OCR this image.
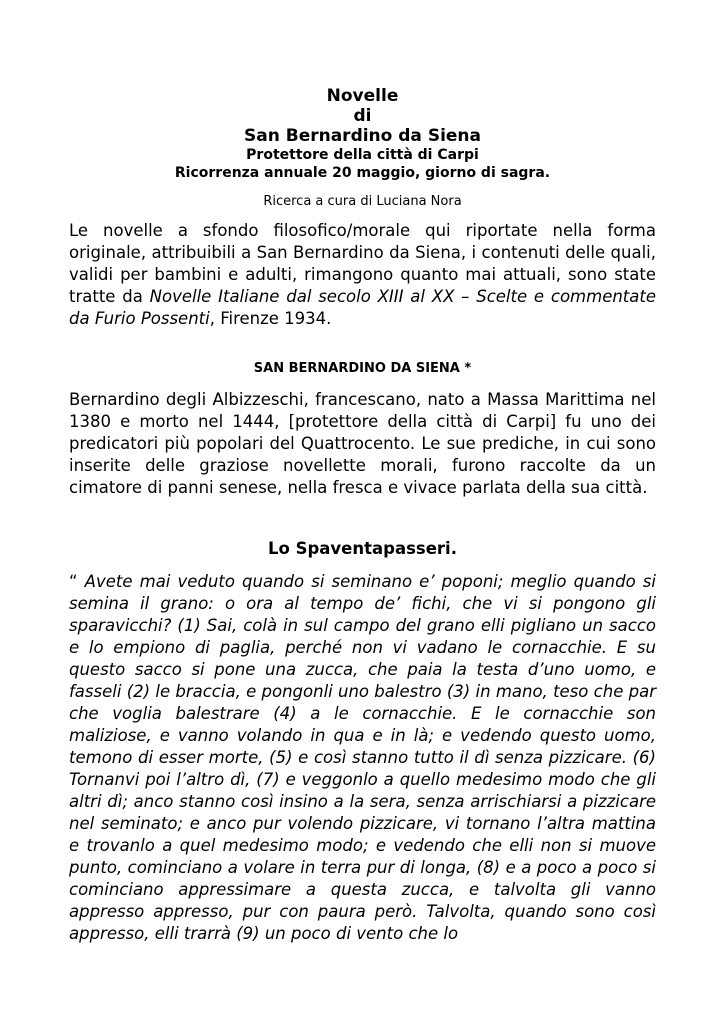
Novelle

di

San Bernardino da Siena

Protettore della città di Carpi

Ricorrenza annuale 20 maggio, giorno di sagra.

Ricerca a cura di Luciana Nora

Le novelle a sfondo filosofico/morale qui riportate nella forma originale, attribuibili a San Bernardino da Siena, i contenuti delle quali, validi per bambini e adulti, rimangono quanto mai attuali, sono state tratte da Novelle Italiane dal secolo XIII al XX – Scelte e commentate da Furio Possenti, Firenze 1934.

SAN BERNARDINO DA SIENA *

Bernardino degli Albizzeschi, francescano, nato a Massa Marittima nel 1380 e morto nel 1444, [protettore della città di Carpi] fu uno dei predicatori più popolari del Quattrocento. Le sue prediche, in cui sono inserite delle graziose novellette morali, furono raccolte da un cimatore di panni senese, nella fresca e vivace parlata della sua città.

Lo Spaventapasseri.

“ Avete mai veduto quando si seminano e’ poponi; meglio quando si semina il grano: o ora al tempo de’ fichi, che vi si pongono gli sparavicchi? (1) Sai, colà in sul campo del grano elli pigliano un sacco e lo empiono di paglia, perché non vi vadano le cornacchie. E su questo sacco si pone una zucca, che paia la testa d’uno uomo, e fasseli (2) le braccia, e pongonli uno balestro (3) in mano, teso che par che voglia balestrare (4) a le cornacchie. E le cornacchie son maliziose, e vanno volando in qua e in là; e vedendo questo uomo, temono di esser morte, (5) e così stanno tutto il dì senza pizzicare. (6) Tornanvi poi l’altro dì, (7) e veggonlo a quello medesimo modo che gli altri dì; anco stanno così insino a la sera, senza arrischiarsi a pizzicare nel seminato; e anco pur volendo pizzicare, vi tornano l’altra mattina e trovanlo a quel medesimo modo; e vedendo che elli non si muove punto, cominciano a volare in terra pur di longa, (8) e a poco a poco si cominciano appressimare a questa zucca, e talvolta gli vanno appresso appresso, pur con paura però. Talvolta, quando sono così appresso, elli trarrà (9) un poco di vento che lo
